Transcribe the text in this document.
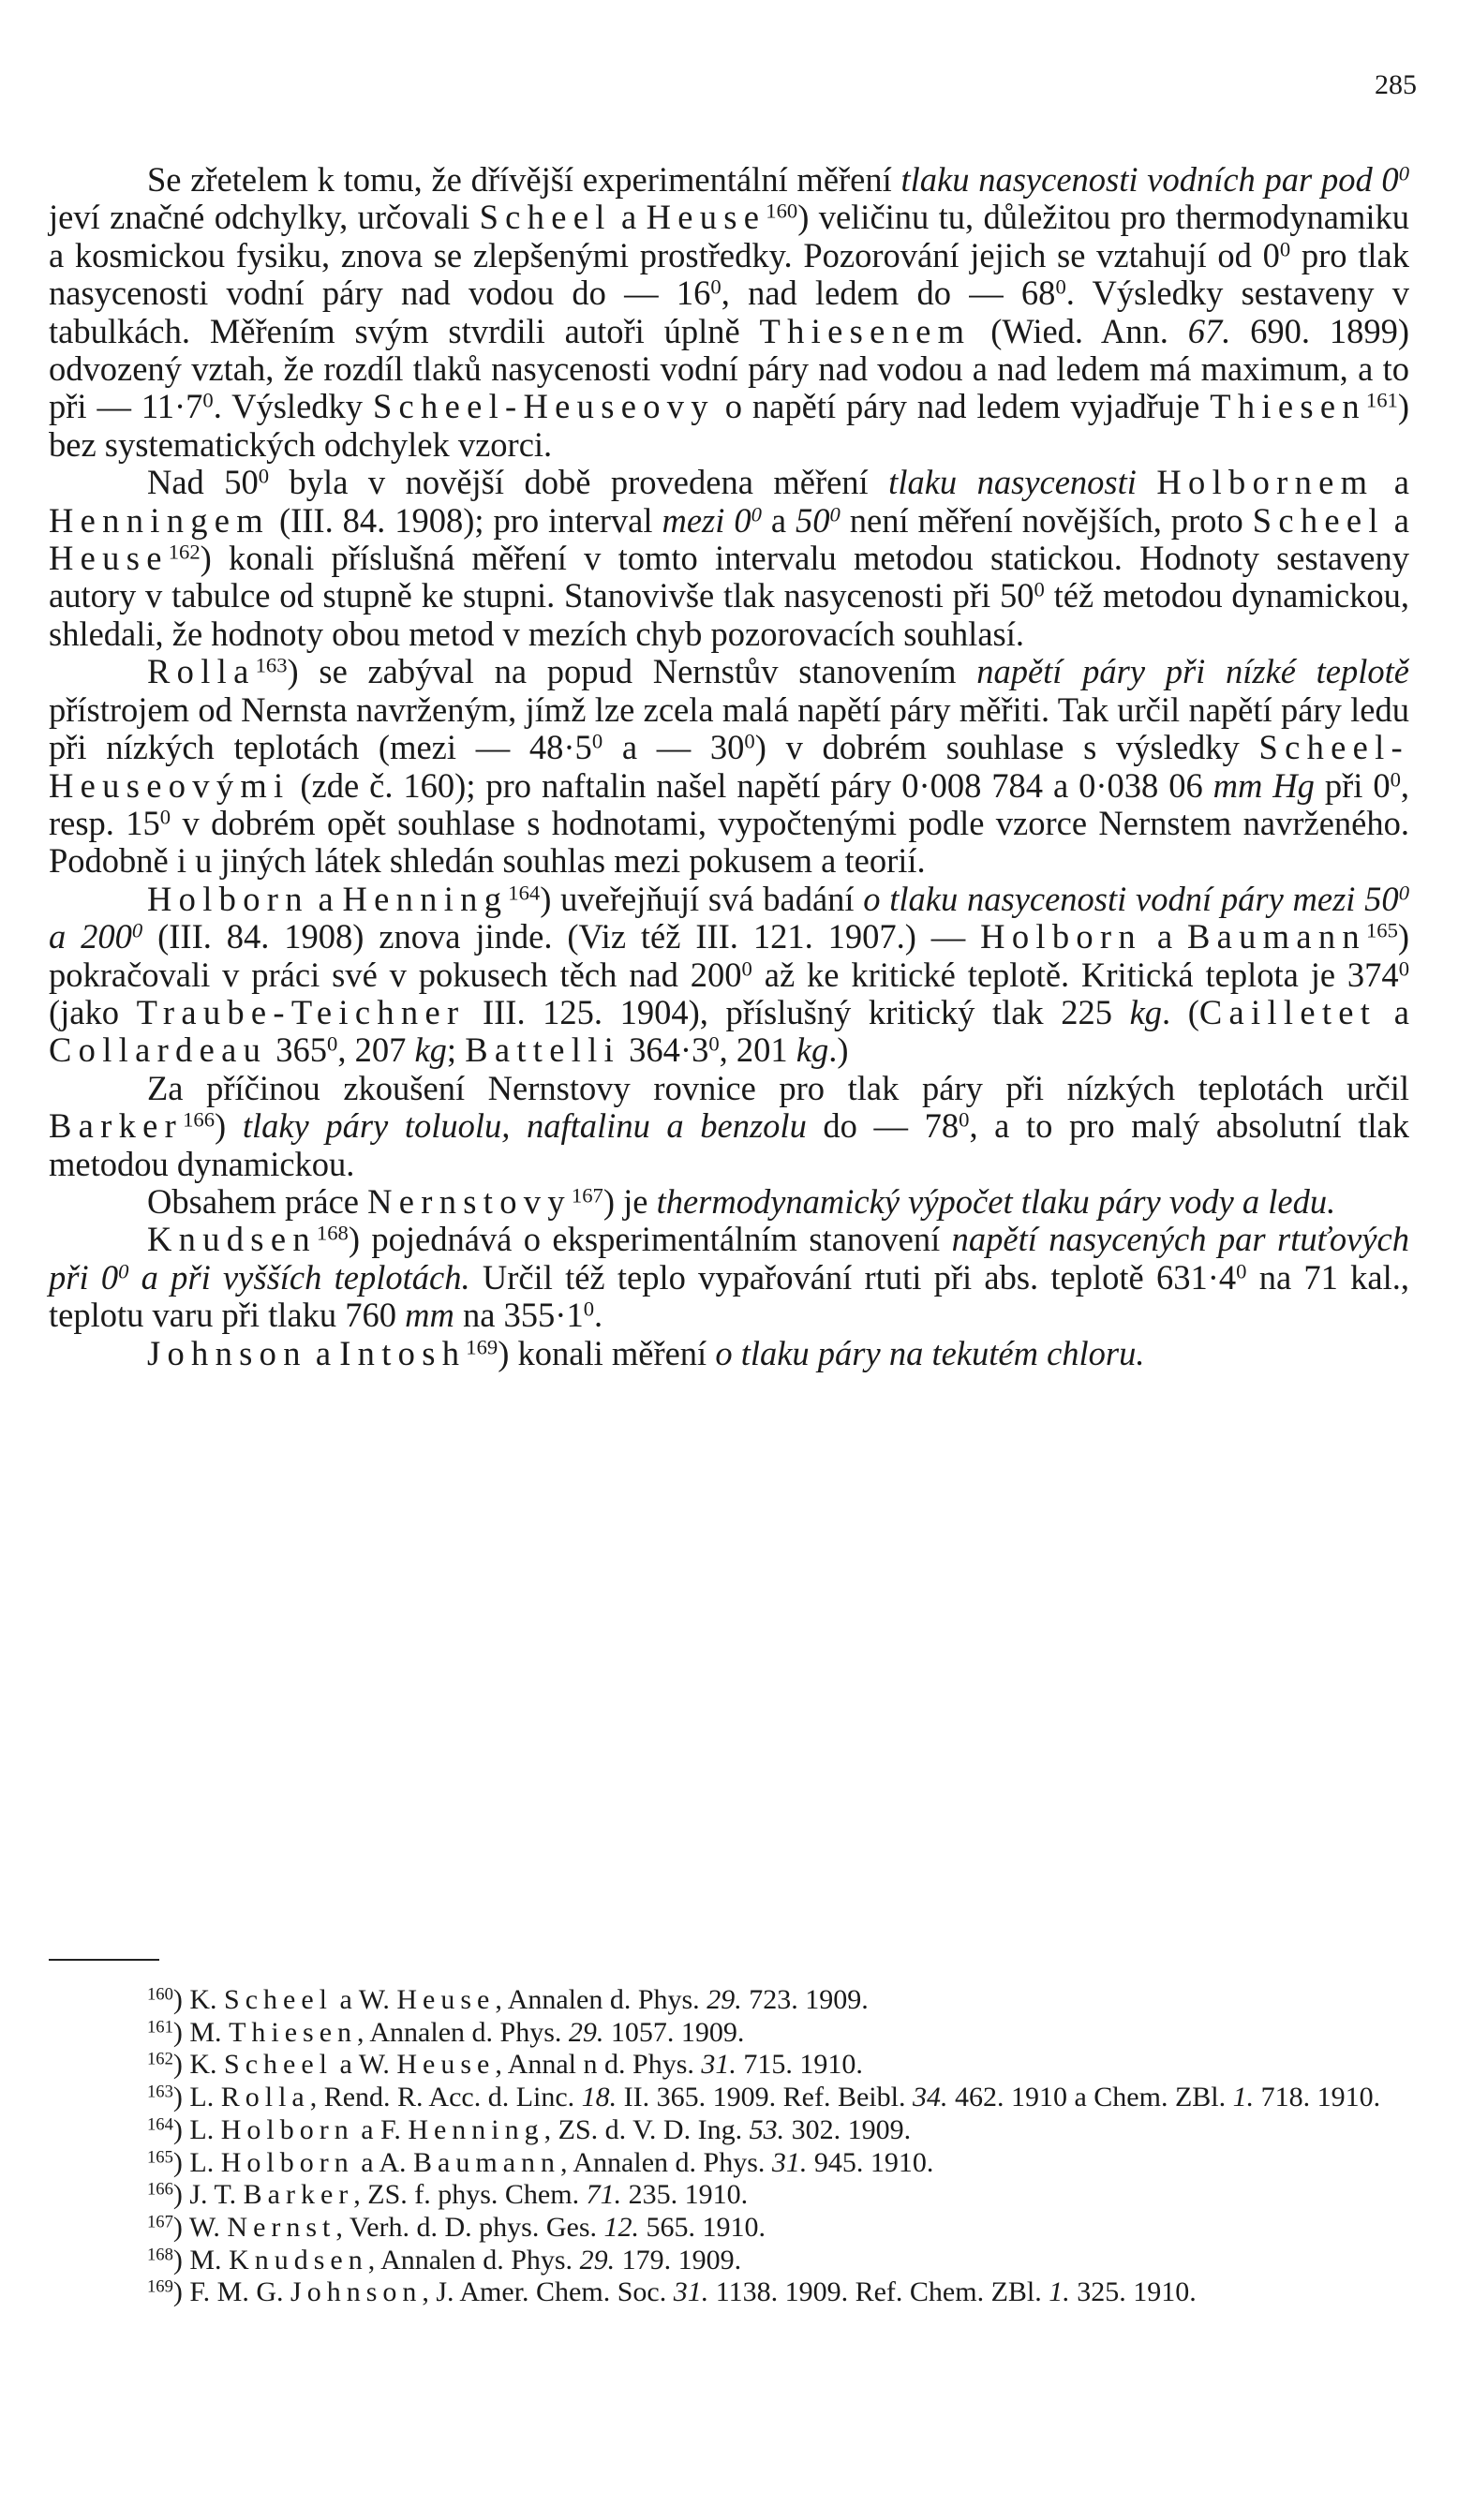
285

Se zřetelem k tomu, že dřívější experimentální měření tlaku nasycenosti vodních par pod $0^0$ jeví značné odchylky, určovali Scheel a Heuse$^{160}$) veličinu tu, důležitou pro thermodynamiku a kosmickou fysiku, znova se zlepšenými prostředky. Pozorování jejich se vztahují od $0^0$ pro tlak nasycenosti vodní páry nad vodou do — $16^0$, nad ledem do — $68^0$. Výsledky sestaveny v tabulkách. Měřením svým stvrdili autoři úplně Thiesenem (Wied. Ann. 67. 690. 1899) odvozený vztah, že rozdíl tlaků nasycenosti vodní páry nad vodou a nad ledem má maximum, a to při — $11\cdot 7^0$. Výsledky Scheel-Heuseovy o napětí páry nad ledem vyjadřuje Thiesen$^{161}$) bez systematických odchylek vzorci.

Nad $50^0$ byla v novější době provedena měření tlaku nasycenosti Holbornem a Henningem (III. 84. 1908); pro interval mezi $0^0$ a $50^0$ není měření novějších, proto Scheel a Heuse$^{162}$) konali příslušná měření v tomto intervalu metodou statickou. Hodnoty sestaveny autory v tabulce od stupně ke stupni. Stanovivše tlak nasycenosti při $50^0$ též metodou dynamickou, shledali, že hodnoty obou metod v mezích chyb pozorovacích souhlasí.

Rolla$^{163}$) se zabýval na popud Nernstův stanovením napětí páry při nízké teplotě přístrojem od Nernsta navrženým, jímž lze zcela malá napětí páry měřiti. Tak určil napětí páry ledu při nízkých teplotách (mezi — $48\cdot 5^0$ a — $30^0$) v dobrém souhlase s výsledky Scheel-Heuseovými (zde č. 160); pro naftalin našel napětí páry 0·008 784 a 0·038 06 mm Hg při $0^0$, resp. $15^0$ v dobrém opět souhlase s hodnotami, vypočtenými podle vzorce Nernstem navrženého. Podobně i u jiných látek shledán souhlas mezi pokusem a teorií.

Holborn a Henning$^{164}$) uveřejňují svá badání o tlaku nasycenosti vodní páry mezi $50^0$ a $200^0$ (III. 84. 1908) znova jinde. (Viz též III. 121. 1907.) — Holborn a Baumann$^{165}$) pokračovali v práci své v pokusech těch nad $200^0$ až ke kritické teplotě. Kritická teplota je $374^0$ (jako Traube-Teichner III. 125. 1904), příslušný kritický tlak 225 kg. (Cailletet a Collardeau $365^0$, 207 kg; Battelli $364\cdot 3^0$, 201 kg.)

Za příčinou zkoušení Nernstovy rovnice pro tlak páry při nízkých teplotách určil Barker$^{166}$) tlaky páry toluolu, naftalinu a benzolu do — $78^0$, a to pro malý absolutní tlak metodou dynamickou.

Obsahem práce Nernstovy$^{167}$) je thermodynamický výpočet tlaku páry vody a ledu.

Knudsen$^{168}$) pojednává o eksperimentálním stanovení napětí nasycených par rtuťových při $0^0$ a při vyšších teplotách. Určil též teplo vypařování rtuti při abs. teplotě $631\cdot 4^0$ na 71 kal., teplotu varu při tlaku 760 mm na $355\cdot 1^0$.

Johnson a Intosh$^{169}$) konali měření o tlaku páry na tekutém chloru.

$^{160}$) K. Scheel a W. Heuse, Annalen d. Phys. 29. 723. 1909.

$^{161}$) M. Thiesen, Annalen d. Phys. 29. 1057. 1909.

$^{162}$) K. Scheel a W. Heuse, Annal n d. Phys. 31. 715. 1910.

$^{163}$) L. Rolla, Rend. R. Acc. d. Linc. 18. II. 365. 1909. Ref. Beibl. 34. 462. 1910 a Chem. ZBl. 1. 718. 1910.

$^{164}$) L. Holborn a F. Henning, ZS. d. V. D. Ing. 53. 302. 1909.

$^{165}$) L. Holborn a A. Baumann, Annalen d. Phys. 31. 945. 1910.

$^{166}$) J. T. Barker, ZS. f. phys. Chem. 71. 235. 1910.

$^{167}$) W. Nernst, Verh. d. D. phys. Ges. 12. 565. 1910.

$^{168}$) M. Knudsen, Annalen d. Phys. 29. 179. 1909.

$^{169}$) F. M. G. Johnson, J. Amer. Chem. Soc. 31. 1138. 1909. Ref. Chem. ZBl. 1. 325. 1910.
